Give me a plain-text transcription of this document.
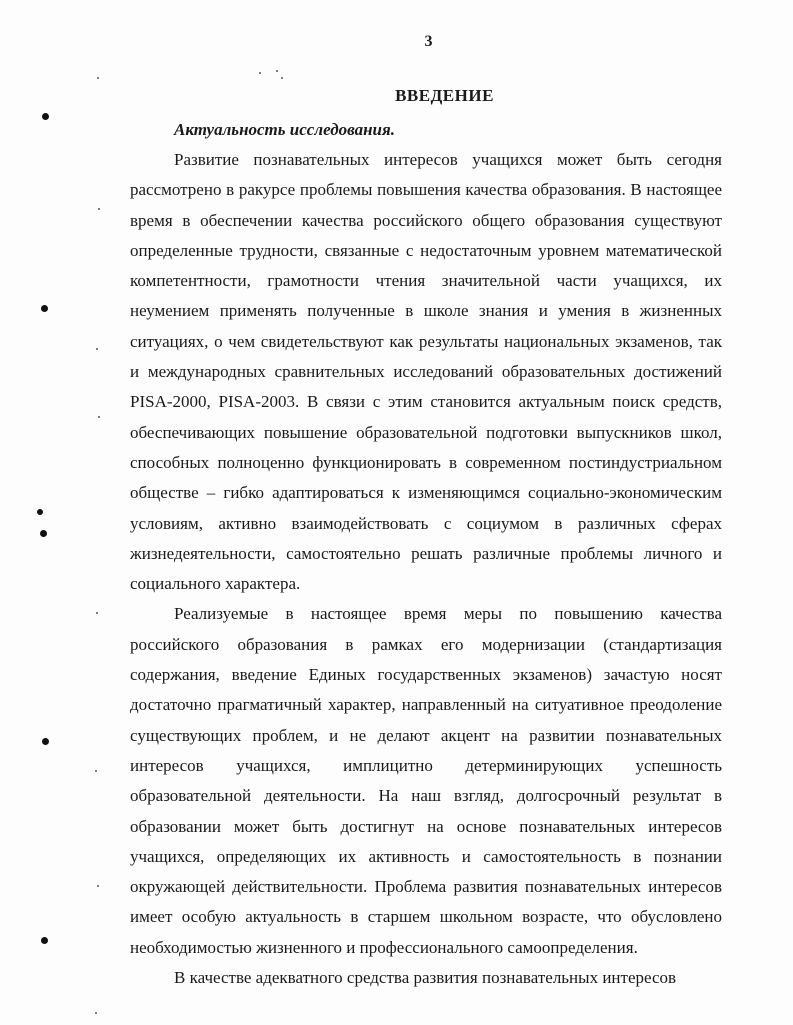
3
ВВЕДЕНИЕ
Актуальность исследования.

Развитие познавательных интересов учащихся может быть сегодня рассмотрено в ракурсе проблемы повышения качества образования. В настоящее время в обеспечении качества российского общего образования существуют определенные трудности, связанные с недостаточным уровнем математической компетентности, грамотности чтения значительной части учащихся, их неумением применять полученные в школе знания и умения в жизненных ситуациях, о чем свидетельствуют как результаты национальных экзаменов, так и международных сравнительных исследований образовательных достижений PISA-2000, PISA-2003. В связи с этим становится актуальным поиск средств, обеспечивающих повышение образовательной подготовки выпускников школ, способных полноценно функционировать в современном постиндустриальном обществе – гибко адаптироваться к изменяющимся социально-экономическим условиям, активно взаимодействовать с социумом в различных сферах жизнедеятельности, самостоятельно решать различные проблемы личного и социального характера.

Реализуемые в настоящее время меры по повышению качества российского образования в рамках его модернизации (стандартизация содержания, введение Единых государственных экзаменов) зачастую носят достаточно прагматичный характер, направленный на ситуативное преодоление существующих проблем, и не делают акцент на развитии познавательных интересов учащихся, имплицитно детерминирующих успешность образовательной деятельности. На наш взгляд, долгосрочный результат в образовании может быть достигнут на основе познавательных интересов учащихся, определяющих их активность и самостоятельность в познании окружающей действительности. Проблема развития познавательных интересов имеет особую актуальность в старшем школьном возрасте, что обусловлено необходимостью жизненного и профессионального самоопределения.

В качестве адекватного средства развития познавательных интересов
